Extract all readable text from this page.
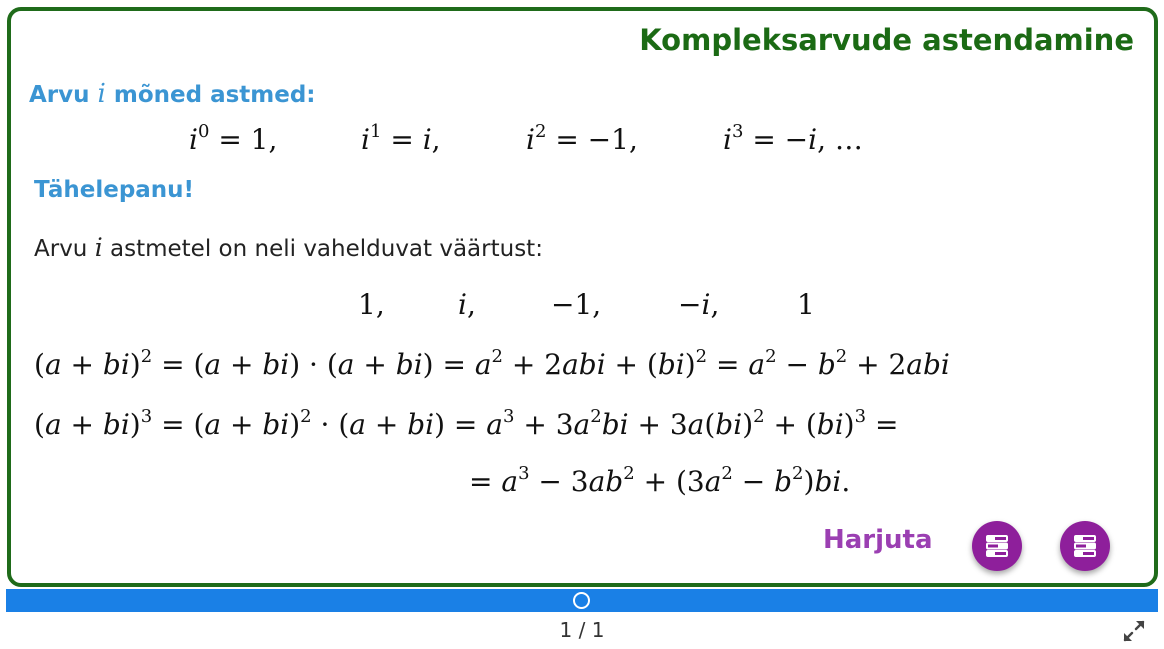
Kompleksarvude astendamine
Arvu i mõned astmed:
$i^0 = 1$,	$i^1 = i$,	$i^2 = -1$,	$i^3 = -i$, …
Tähelepanu!
Arvu i astmetel on neli vahelduvat väärtust:
1,	i,	−1,	−i,	1
$(a + bi)^2 = (a + bi) \cdot (a + bi) = a^2 + 2abi + (bi)^2 = a^2 - b^2 + 2abi$
$(a + bi)^3 = (a + bi)^2 \cdot (a + bi) = a^3 + 3a^2bi + 3a(bi)^2 + (bi)^3$ =
= $a^3 - 3ab^2 + (3a^2 - b^2)bi$.
Harjuta
1 / 1
